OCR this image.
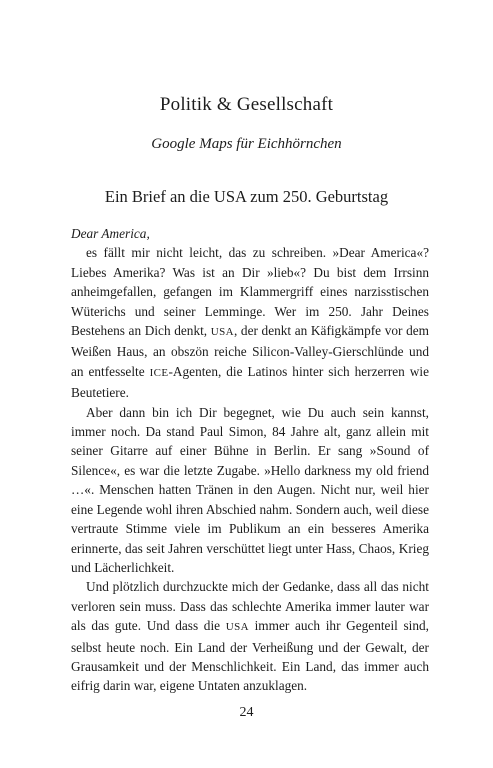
Politik & Gesellschaft
Google Maps für Eichhörnchen
Ein Brief an die USA zum 250. Geburtstag

Dear America,

es fällt mir nicht leicht, das zu schreiben. »Dear America«? Liebes Amerika? Was ist an Dir »lieb«? Du bist dem Irrsinn anheimgefallen, gefangen im Klammergriff eines narzisstischen Wüterichs und seiner Lemminge. Wer im 250. Jahr Deines Bestehens an Dich denkt, USA, der denkt an Käfigkämpfe vor dem Weißen Haus, an obszön reiche Silicon-Valley-Gierschlünde und an entfesselte ICE-Agenten, die Latinos hinter sich herzerren wie Beutetiere.

Aber dann bin ich Dir begegnet, wie Du auch sein kannst, immer noch. Da stand Paul Simon, 84 Jahre alt, ganz allein mit seiner Gitarre auf einer Bühne in Berlin. Er sang »Sound of Silence«, es war die letzte Zugabe. »Hello darkness my old friend …«. Menschen hatten Tränen in den Augen. Nicht nur, weil hier eine Legende wohl ihren Abschied nahm. Sondern auch, weil diese vertraute Stimme viele im Publikum an ein besseres Amerika erinnerte, das seit Jahren verschüttet liegt unter Hass, Chaos, Krieg und Lächerlichkeit.

Und plötzlich durchzuckte mich der Gedanke, dass all das nicht verloren sein muss. Dass das schlechte Amerika immer lauter war als das gute. Und dass die USA immer auch ihr Gegenteil sind, selbst heute noch. Ein Land der Verheißung und der Gewalt, der Grausamkeit und der Menschlichkeit. Ein Land, das immer auch eifrig darin war, eigene Untaten anzuklagen.

24
